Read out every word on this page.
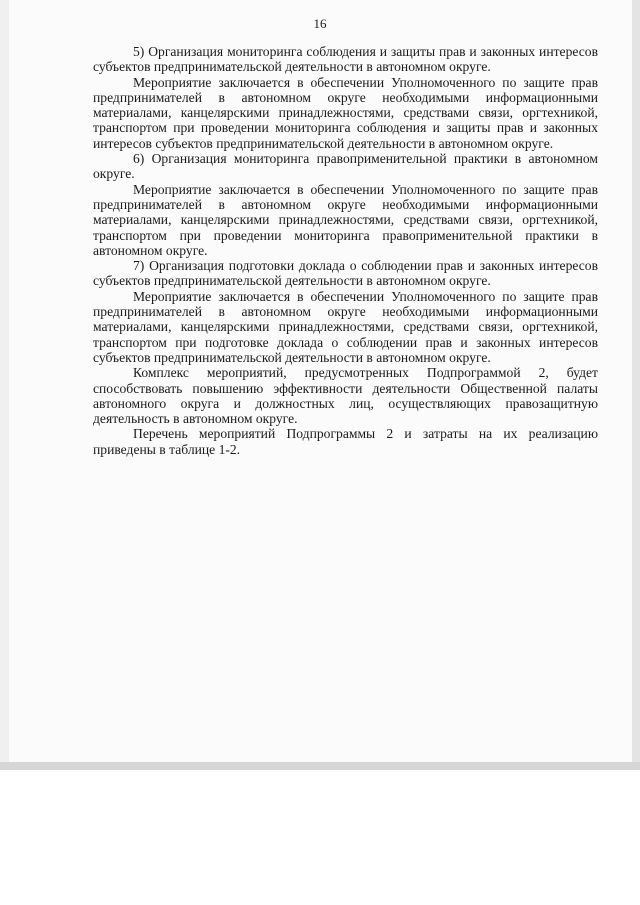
16

5) Организация мониторинга соблюдения и защиты прав и законных интересов субъектов предпринимательской деятельности в автономном округе.

Мероприятие заключается в обеспечении Уполномоченного по защите прав предпринимателей в автономном округе необходимыми информационными материалами, канцелярскими принадлежностями, средствами связи, оргтехникой, транспортом при проведении мониторинга соблюдения и защиты прав и законных интересов субъектов предпринимательской деятельности в автономном округе.

6) Организация мониторинга правоприменительной практики в автономном округе.

Мероприятие заключается в обеспечении Уполномоченного по защите прав предпринимателей в автономном округе необходимыми информационными материалами, канцелярскими принадлежностями, средствами связи, оргтехникой, транспортом при проведении мониторинга правоприменительной практики в автономном округе.

7) Организация подготовки доклада о соблюдении прав и законных интересов субъектов предпринимательской деятельности в автономном округе.

Мероприятие заключается в обеспечении Уполномоченного по защите прав предпринимателей в автономном округе необходимыми информационными материалами, канцелярскими принадлежностями, средствами связи, оргтехникой, транспортом при подготовке доклада о соблюдении прав и законных интересов субъектов предпринимательской деятельности в автономном округе.

Комплекс мероприятий, предусмотренных Подпрограммой 2, будет способствовать повышению эффективности деятельности Общественной палаты автономного округа и должностных лиц, осуществляющих правозащитную деятельность в автономном округе.

Перечень мероприятий Подпрограммы 2 и затраты на их реализацию приведены в таблице 1-2.
